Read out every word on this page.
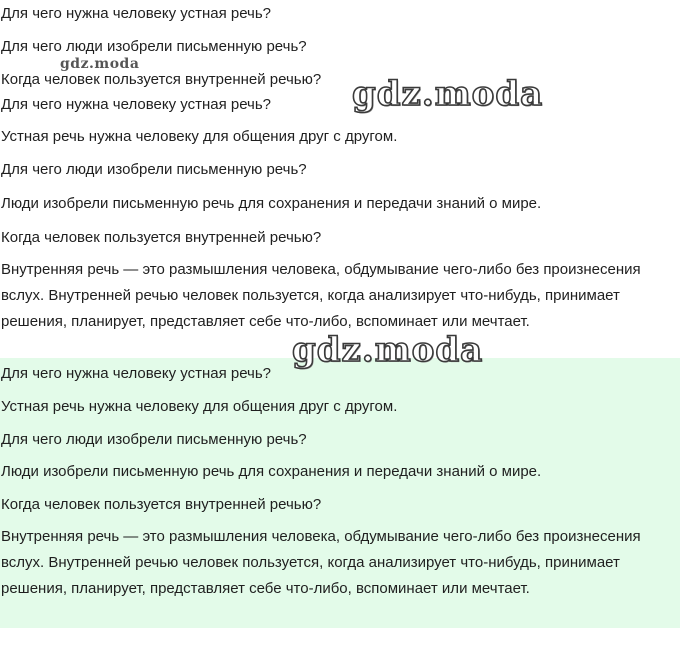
Для чего нужна человеку устная речь?

Для чего люди изобрели письменную речь?

Когда человек пользуется внутренней речью?

Для чего нужна человеку устная речь?

Устная речь нужна человеку для общения друг с другом.

Для чего люди изобрели письменную речь?

Люди изобрели письменную речь для сохранения и передачи знаний о мире.

Когда человек пользуется внутренней речью?

Внутренняя речь — это размышления человека, обдумывание чего-либо без произнесения вслух. Внутренней речью человек пользуется, когда анализирует что-нибудь, принимает решения, планирует, представляет себе что-либо, вспоминает или мечтает.

Для чего нужна человеку устная речь?

Устная речь нужна человеку для общения друг с другом.

Для чего люди изобрели письменную речь?

Люди изобрели письменную речь для сохранения и передачи знаний о мире.

Когда человек пользуется внутренней речью?

Внутренняя речь — это размышления человека, обдумывание чего-либо без произнесения вслух. Внутренней речью человек пользуется, когда анализирует что-нибудь, принимает решения, планирует, представляет себе что-либо, вспоминает или мечтает.

gdz.moda
gdz.moda
gdz.moda
